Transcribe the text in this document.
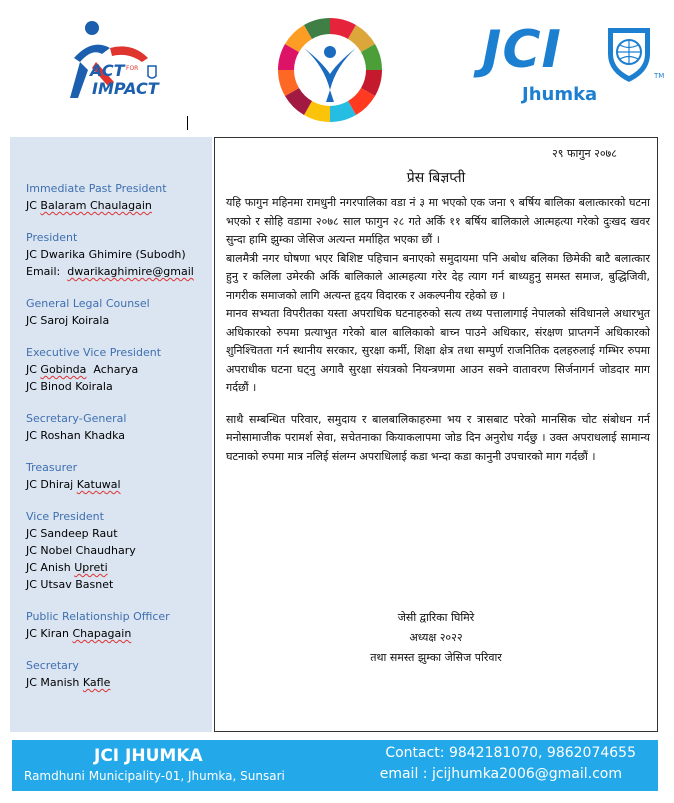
ACT FOR
IMPACT
JCI	TM
Jhumka
Immediate Past President
JC Balaram Chaulagain
President
JC Dwarika Ghimire (Subodh)
Email:  dwarikaghimire@gmail
General Legal Counsel
JC Saroj Koirala
Executive Vice President
JC Gobinda  Acharya
JC Binod Koirala
Secretary-General
JC Roshan Khadka
Treasurer
JC Dhiraj Katuwal
Vice President
JC Sandeep Raut
JC Nobel Chaudhary
JC Anish Upreti
JC Utsav Basnet
Public Relationship Officer
JC Kiran Chapagain
Secretary
JC Manish Kafle
२९ फागुन २०७८
प्रेस बिज्ञप्ती

यहि फागुन महिनमा रामधुनी नगरपालिका वडा नं ३ मा भएको एक जना ९ बर्षिय बालिका बलात्कारको घटना भएको र सोहि वडामा २०७८ साल फागुन २८ गते अर्कि ११ बर्षिय बालिकाले आत्महत्या गरेको दुःखद खवर सुन्दा हामि झुम्का जेसिज अत्यन्त मर्माहित भएका छौं ।

बालमैत्री नगर घोषणा भएर बिशिष्ट पहिचान बनाएको समुदायमा पनि अबोध बलिका छिमेकी बाटै बलात्कार हुनु र कलिला उमेरकी अर्कि बालिकाले आत्महत्या गरेर देह त्याग गर्न बाध्यहुनु समस्त समाज, बुद्धिजिवी, नागरीक समाजको लागि अत्यन्त हृदय विदारक र अकल्पनीय रहेको छ ।

मानव सभ्यता विपरीतका यस्ता अपराधिक घटनाहरुको सत्य तथ्य पत्तालागाई नेपालको संविधानले अधारभुत अधिकारको रुपमा प्रत्याभुत गरेको बाल बालिकाको बाच्न पाउने अधिकार, संरक्षण प्राप्तगर्ने अधिकारको शुनिश्चितता गर्न स्थानीय सरकार, सुरक्षा कर्मी, शिक्षा क्षेत्र तथा सम्पुर्ण राजनितिक दलहरुलाई गम्भिर रुपमा अपराधीक घटना घट्नु अगावै सुरक्षा संयत्रको नियन्त्रणमा आउन सक्ने वातावरण सिर्जनागर्न जोडदार माग गर्दछौं ।

साथै सम्बन्धित परिवार, समुदाय र बालबालिकाहरुमा भय र त्रासबाट परेको मानसिक चोट संबोधन गर्न मनोसामाजीक परामर्श सेवा, सचेतनाका कियाकलापमा जोड दिन अनुरोध गर्दछु । उक्त अपराधलाई सामान्य घटनाको रुपमा मात्र नलिई संलग्न अपराधिलाई कडा भन्दा कडा कानुनी उपचारको माग गर्दछौं ।

जेसी द्वारिका घिमिरे
अध्यक्ष २०२२
तथा समस्त झुम्का जेसिज परिवार
JCI JHUMKA
Ramdhuni Municipality-01, Jhumka, Sunsari
Contact: 9842181070, 9862074655
email : jcijhumka2006@gmail.com
